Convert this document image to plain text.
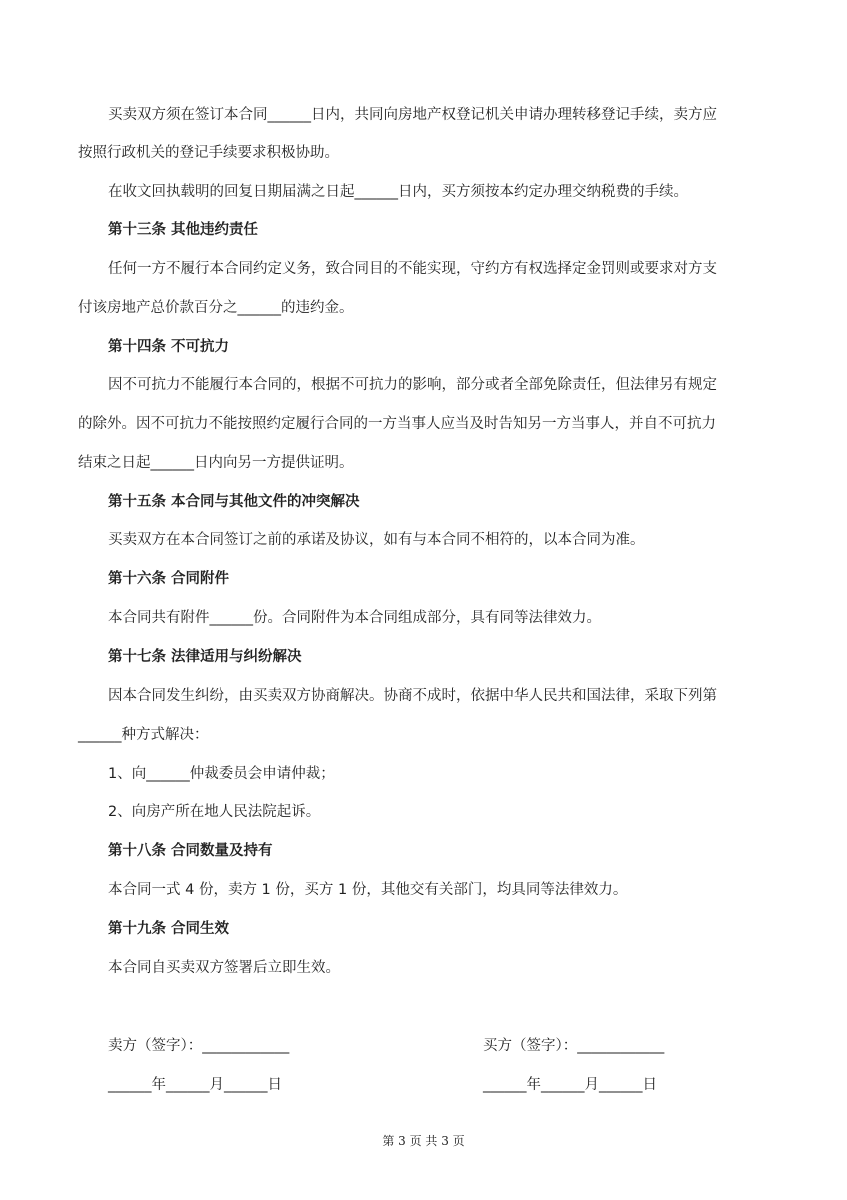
买卖双方须在签订本合同______日内，共同向房地产权登记机关申请办理转移登记手续，卖方应
按照行政机关的登记手续要求积极协助。
在收文回执载明的回复日期届满之日起______日内，买方须按本约定办理交纳税费的手续。
第十三条 其他违约责任
任何一方不履行本合同约定义务，致合同目的不能实现，守约方有权选择定金罚则或要求对方支
付该房地产总价款百分之______的违约金。
第十四条 不可抗力
因不可抗力不能履行本合同的，根据不可抗力的影响，部分或者全部免除责任，但法律另有规定
的除外。因不可抗力不能按照约定履行合同的一方当事人应当及时告知另一方当事人，并自不可抗力
结束之日起______日内向另一方提供证明。
第十五条 本合同与其他文件的冲突解决
买卖双方在本合同签订之前的承诺及协议，如有与本合同不相符的，以本合同为准。
第十六条 合同附件
本合同共有附件______份。合同附件为本合同组成部分，具有同等法律效力。
第十七条 法律适用与纠纷解决
因本合同发生纠纷，由买卖双方协商解决。协商不成时，依据中华人民共和国法律，采取下列第
______种方式解决：
1、向______仲裁委员会申请仲裁；
2、向房产所在地人民法院起诉。
第十八条 合同数量及持有
本合同一式 4 份，卖方 1 份，买方 1 份，其他交有关部门，均具同等法律效力。
第十九条 合同生效
本合同自买卖双方签署后立即生效。
卖方（签字）：____________	买方（签字）：____________
______年______月______日	______年______月______日
第 3 页 共 3 页
